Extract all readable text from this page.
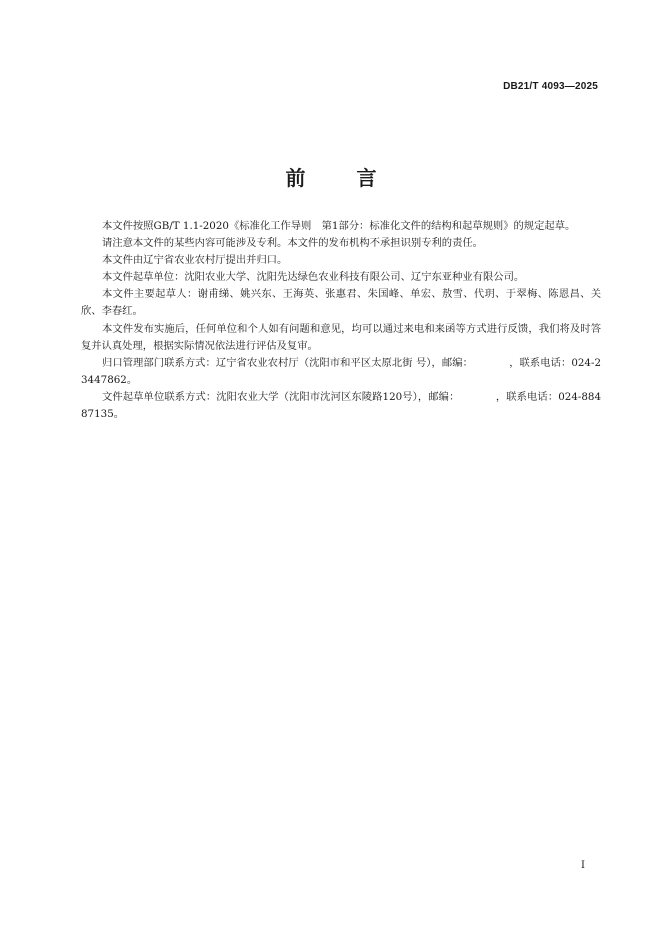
DB21/T 4093—2025
前 言

本文件按照GB/T 1.1-2020《标准化工作导则　第1部分：标准化文件的结构和起草规则》的规定起草。

请注意本文件的某些内容可能涉及专利。本文件的发布机构不承担识别专利的责任。

本文件由辽宁省农业农村厅提出并归口。

本文件起草单位：沈阳农业大学、沈阳先达绿色农业科技有限公司、辽宁东亚种业有限公司。

本文件主要起草人：谢甫绨、姚兴东、王海英、张惠君、朱国峰、单宏、敖雪、代玥、于翠梅、陈恩昌、关欣、李春红。

本文件发布实施后，任何单位和个人如有问题和意见，均可以通过来电和来函等方式进行反馈，我们将及时答复并认真处理，根据实际情况依法进行评估及复审。

归口管理部门联系方式：辽宁省农业农村厅（沈阳市和平区太原北街 号），邮编：　　　　，联系电话：024-23447862。

文件起草单位联系方式：沈阳农业大学（沈阳市沈河区东陵路120号），邮编：　　　　，联系电话：024-88487135。

I
